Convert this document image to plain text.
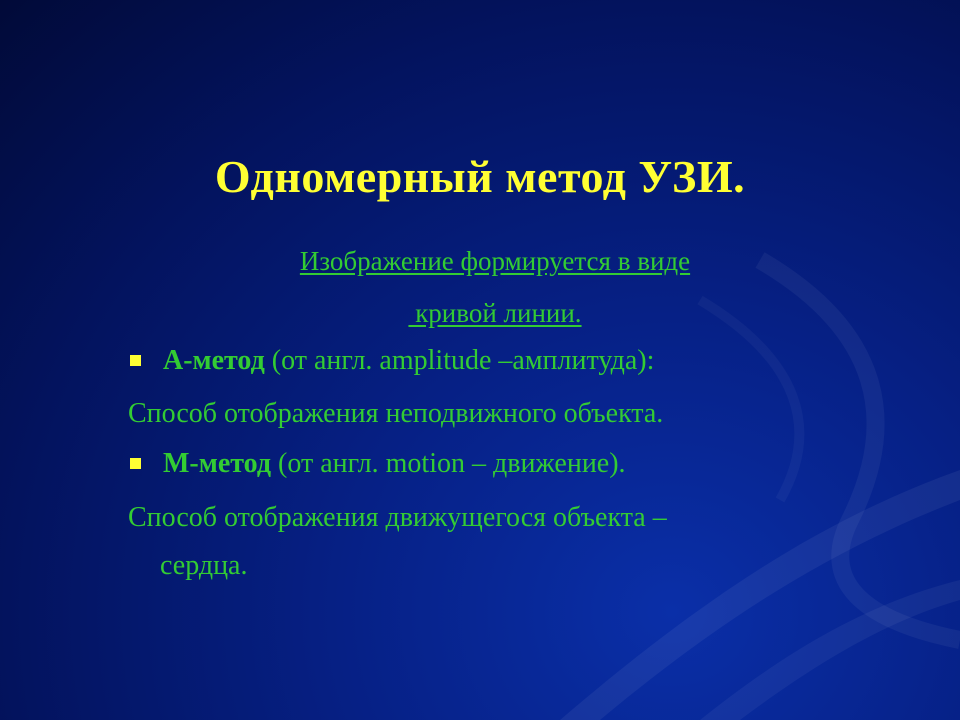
Одномерный метод УЗИ.

Изображение формируется в виде

кривой линии.

А-метод (от англ. amplitude –амплитуда):

Способ отображения неподвижного объекта.

М-метод (от англ. motion – движение).

Способ отображения движущегося объекта –

сердца.
